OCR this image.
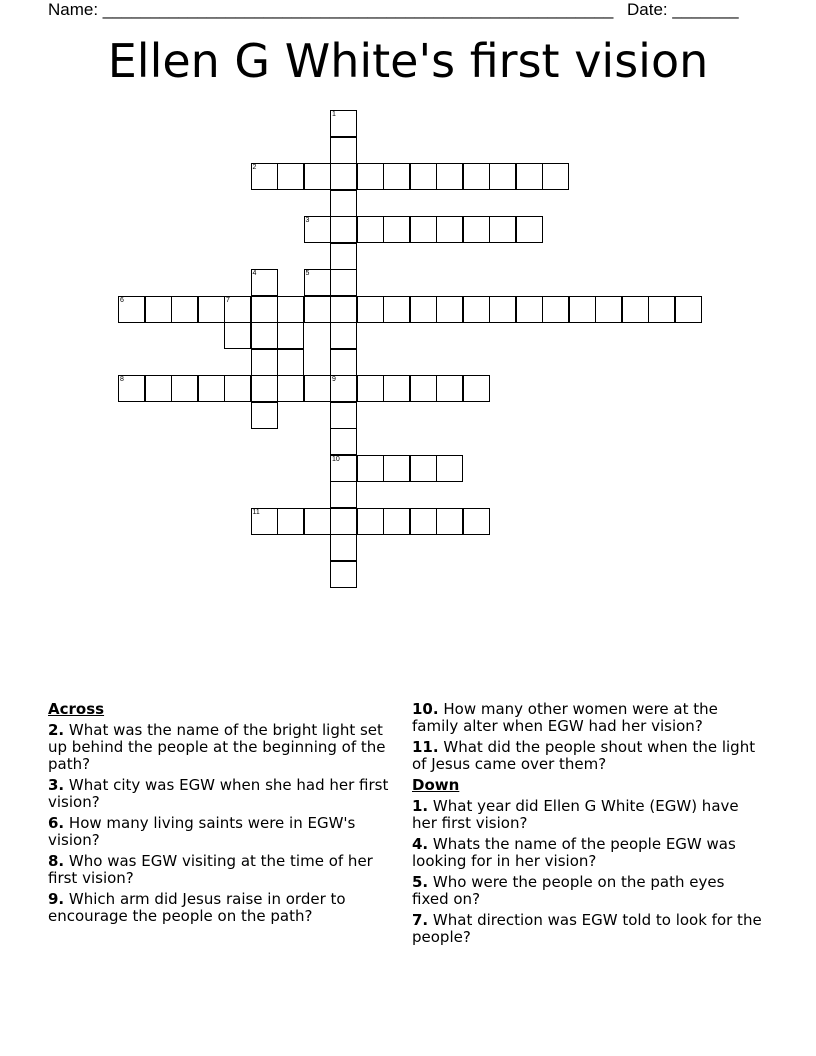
Name: ______________________________________________________ Date: _______
Ellen G White's first vision
1
9
10
2
3
4	5
6	7
8
11
Across
2. What was the name of the bright light set up behind the people at the beginning of the path?
3. What city was EGW when she had her first vision?
6. How many living saints were in EGW's vision?
8. Who was EGW visiting at the time of her first vision?
9. Which arm did Jesus raise in order to encourage the people on the path?
10. How many other women were at the family alter when EGW had her vision?
11. What did the people shout when the light of Jesus came over them?
Down
1. What year did Ellen G White (EGW) have her first vision?
4. Whats the name of the people EGW was looking for in her vision?
5. Who were the people on the path eyes fixed on?
7. What direction was EGW told to look for the people?
